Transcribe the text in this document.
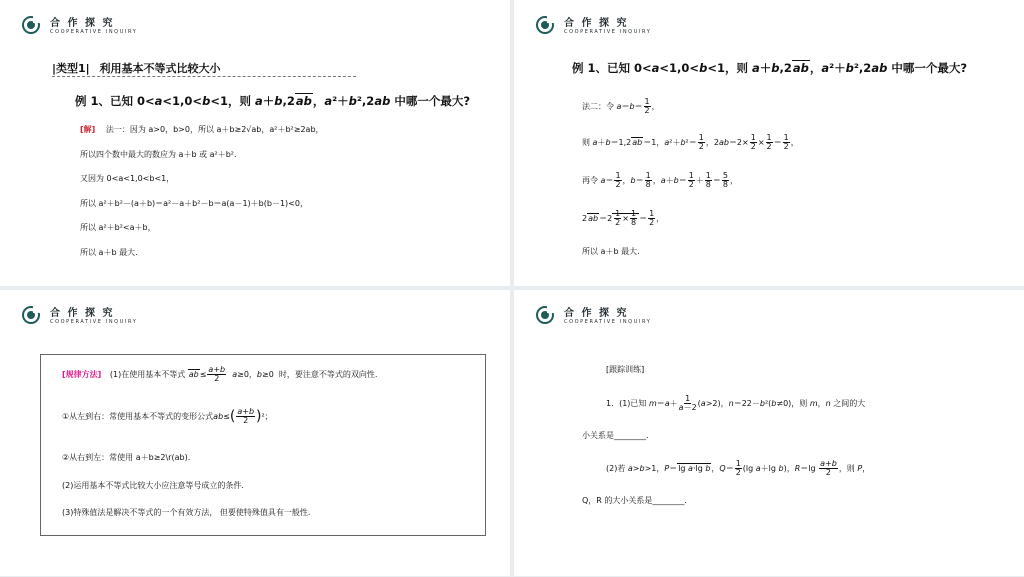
合 作 探 究
COOPERATIVE INQUIRY
|类型1| 利用基本不等式比较大小
例 1、已知 0<a<1,0<b<1，则 a＋b,2ab，a²＋b²,2ab 中哪一个最大?
[解] 法一：因为 a>0，b>0，所以 a＋b≥2√ab，a²＋b²≥2ab，
所以四个数中最大的数应为 a＋b 或 a²＋b².
又因为 0<a<1,0<b<1，
所以 a²＋b²－(a＋b)＝a²－a＋b²－b＝a(a－1)＋b(b－1)<0，
所以 a²＋b²<a＋b，
所以 a＋b 最大.
合 作 探 究
COOPERATIVE INQUIRY
例 1、已知 0<a<1,0<b<1，则 a＋b,2ab，a²＋b²,2ab 中哪一个最大?
法二：令 $a=b= \frac{1}{2}$ ，
则 a＋b＝1,2ab＝1，$a^2+b^2= \frac{1}{2}$ ，$2ab=2\times \frac{1}{2} \times \frac{1}{2} = \frac{1}{2}$ ，
再令 $a= \frac{1}{2}$ ，$b= \frac{1}{8}$ ，$a+b= \frac{1}{2} + \frac{1}{8} = \frac{5}{8}$ ，
$2ab=2 \frac{1}{2} \times \frac{1}{8} = \frac{1}{2}$ ，
所以 a＋b 最大.
合 作 探 究
COOPERATIVE INQUIRY
[规律方法] (1)在使用基本不等式 $ab\le \frac{a+b}{2} a\ge 0$，b≥0  时，要注意不等式的双向性.
①从左到右：常使用基本不等式的变形公式$ab\le( \frac{a+b}{2} )^2$；
②从右到左：常使用 a＋b≥2\r(ab).
(2)运用基本不等式比较大小应注意等号成立的条件.
(3)特殊值法是解决不等式的一个有效方法， 但要使特殊值具有一般性.
合 作 探 究
COOPERATIVE INQUIRY
[跟踪训练]
1．(1)已知 $m=a+ \frac{1}{a-2} (a>2)$，n＝22－b²(b≠0)，则 m，n 之间的大
小关系是________.
(2)若 a>b>1，P＝lg a·lg b，$Q= \frac{1}{2} (\lg$ a＋lg b)，$R=\lg \frac{a+b}{2}$ ，则 P，
Q，R 的大小关系是________.
